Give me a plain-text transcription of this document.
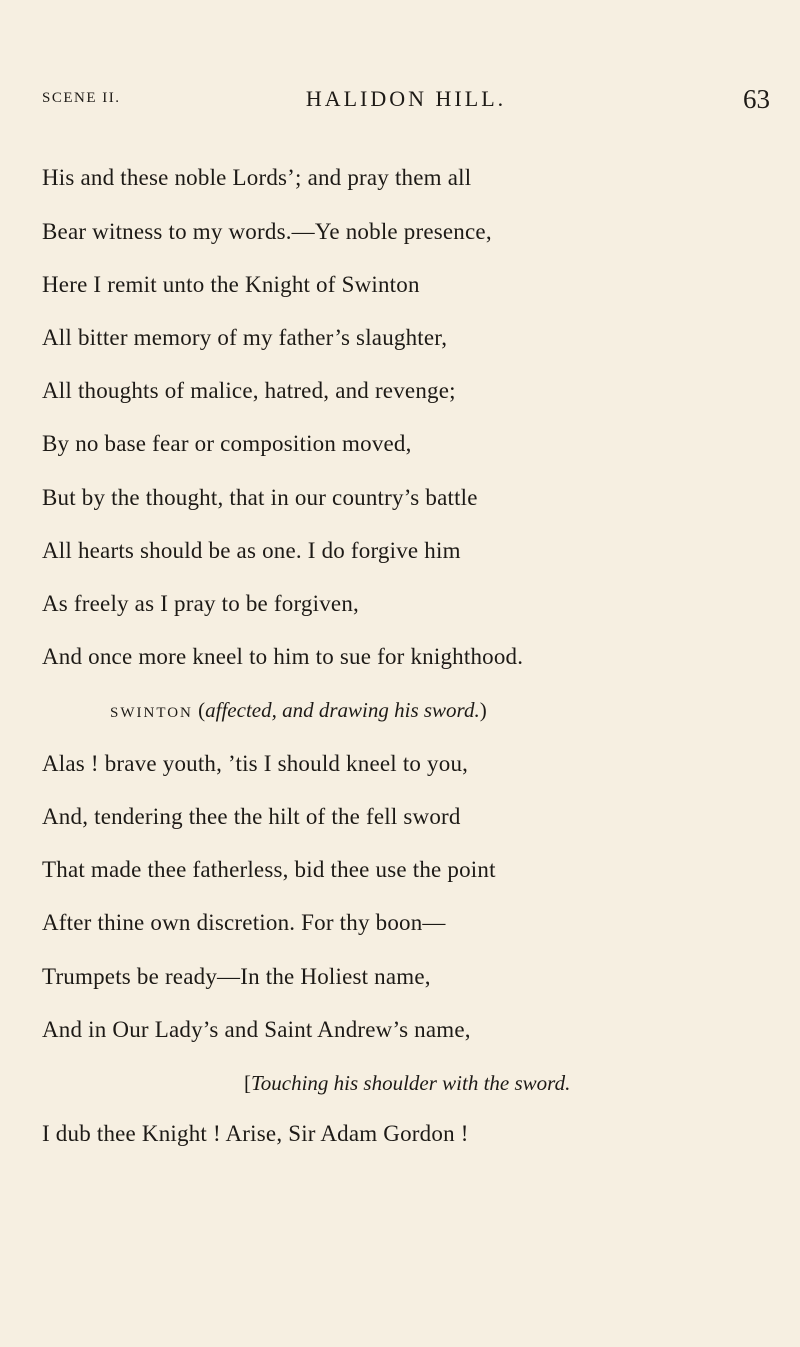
SCENE II.	HALIDON HILL.	63
His and these noble Lords’; and pray them all
Bear witness to my words.—Ye noble presence,
Here I remit unto the Knight of Swinton
All bitter memory of my father’s slaughter,
All thoughts of malice, hatred, and revenge;
By no base fear or composition moved,
But by the thought, that in our country’s battle
All hearts should be as one. I do forgive him
As freely as I pray to be forgiven,
And once more kneel to him to sue for knighthood.
SWINTON (affected, and drawing his sword.)
Alas ! brave youth, ’tis I should kneel to you,
And, tendering thee the hilt of the fell sword
That made thee fatherless, bid thee use the point
After thine own discretion. For thy boon—
Trumpets be ready—In the Holiest name,
And in Our Lady’s and Saint Andrew’s name,
[Touching his shoulder with the sword.
I dub thee Knight ! Arise, Sir Adam Gordon !
